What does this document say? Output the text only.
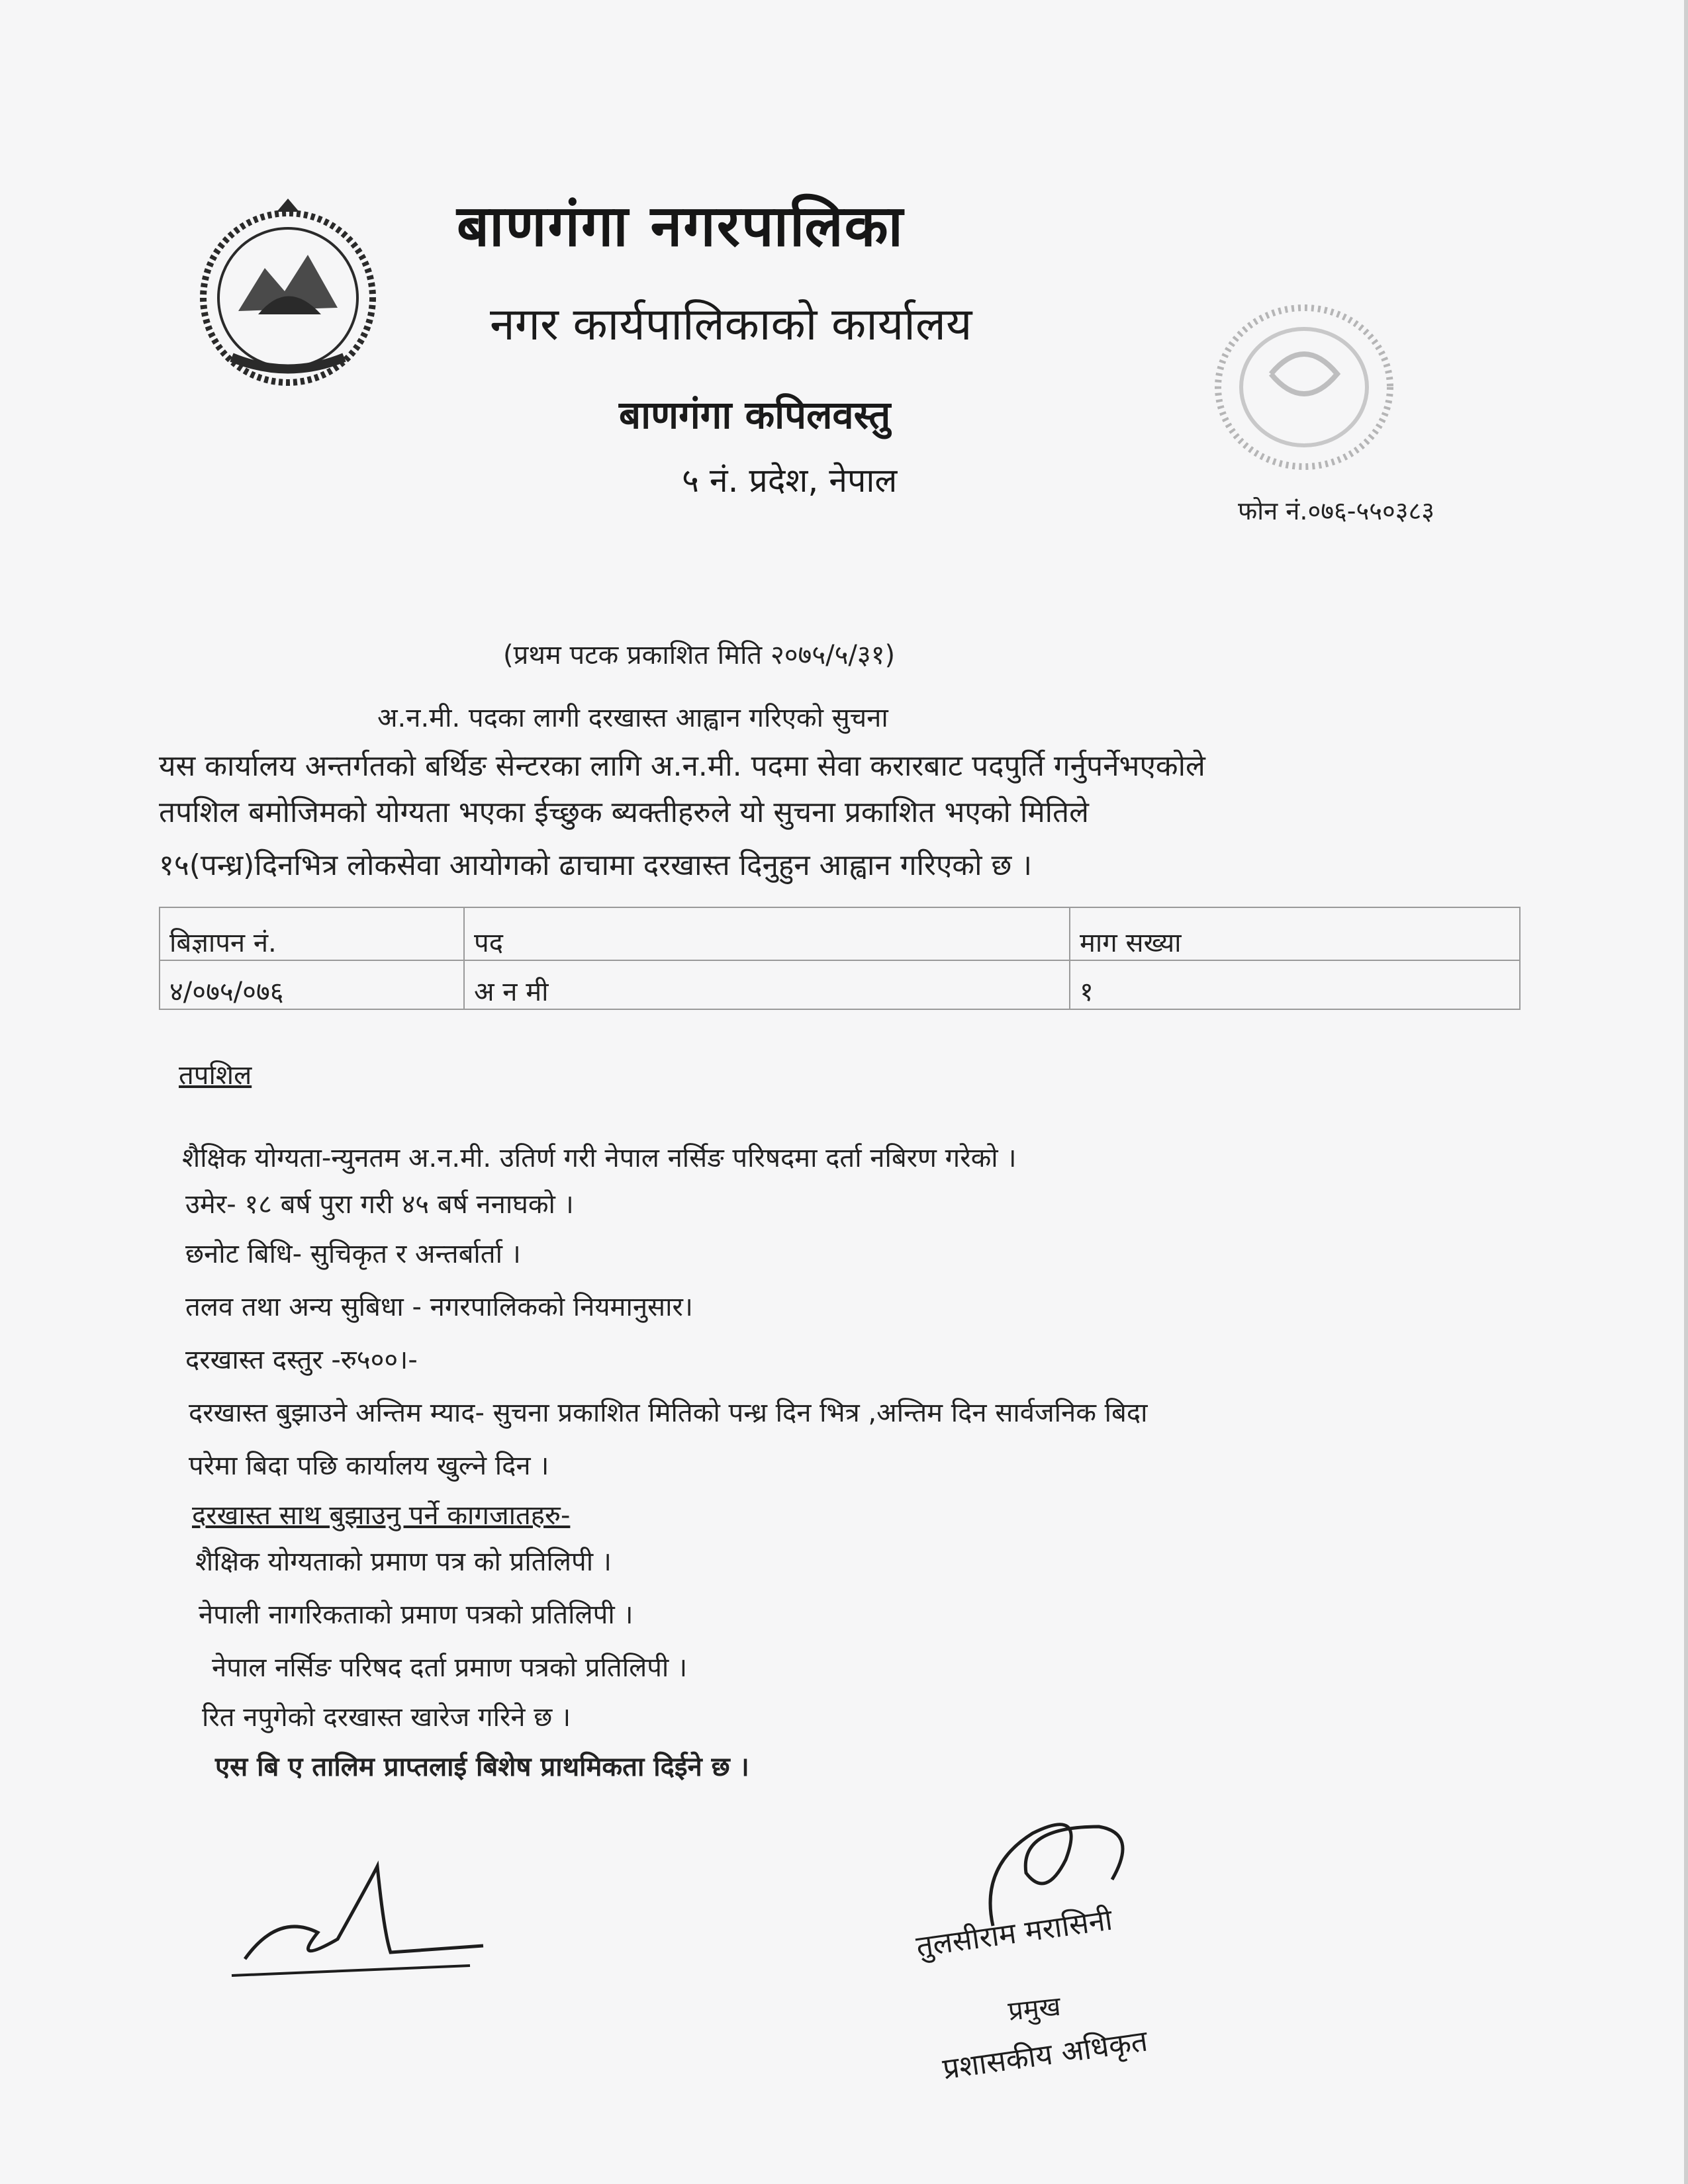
बाणगंगा नगरपालिका
नगर कार्यपालिकाको कार्यालय
बाणगंगा कपिलवस्तु
५ नं. प्रदेश, नेपाल
फोन नं.०७६-५५०३८३
(प्रथम पटक प्रकाशित मिति २०७५/५/३१)
अ.न.मी. पदका लागी दरखास्त आह्वान गरिएको सुचना
यस कार्यालय अन्तर्गतको बर्थिङ सेन्टरका लागि अ.न.मी. पदमा सेवा करारबाट पदपुर्ति गर्नुपर्नेभएकोले
तपशिल बमोजिमको योग्यता भएका ईच्छुक ब्यक्तीहरुले यो सुचना प्रकाशित भएको मितिले
१५(पन्ध्र)दिनभित्र लोकसेवा आयोगको ढाचामा दरखास्त दिनुहुन आह्वान गरिएको छ ।
बिज्ञापन नं.	पद	माग सख्या
४/०७५/०७६	अ न मी	१
तपशिल
शैक्षिक योग्यता-न्युनतम अ.न.मी. उतिर्ण गरी नेपाल नर्सिङ परिषदमा दर्ता नबिरण गरेको ।
उमेर- १८ बर्ष पुरा गरी ४५ बर्ष ननाघको ।
छनोट बिधि- सुचिकृत र अन्तर्बार्ता ।
तलव तथा अन्य सुबिधा - नगरपालिकको नियमानुसार।
दरखास्त दस्तुर -रु५००।-
दरखास्त बुझाउने अन्तिम म्याद- सुचना प्रकाशित मितिको पन्ध्र दिन भित्र ,अन्तिम दिन सार्वजनिक बिदा
परेमा बिदा पछि कार्यालय खुल्ने दिन ।
दरखास्त साथ बुझाउनु पर्ने कागजातहरु-
शैक्षिक योग्यताको प्रमाण पत्र को प्रतिलिपी ।
नेपाली नागरिकताको प्रमाण पत्रको प्रतिलिपी ।
नेपाल नर्सिङ परिषद दर्ता प्रमाण पत्रको प्रतिलिपी ।
रित नपुगेको दरखास्त खारेज गरिने छ ।
एस बि ए तालिम प्राप्तलाई बिशेष प्राथमिकता दिईने छ ।
तुलसीराम मरासिनी
प्रमुख
प्रशासकीय अधिकृत
